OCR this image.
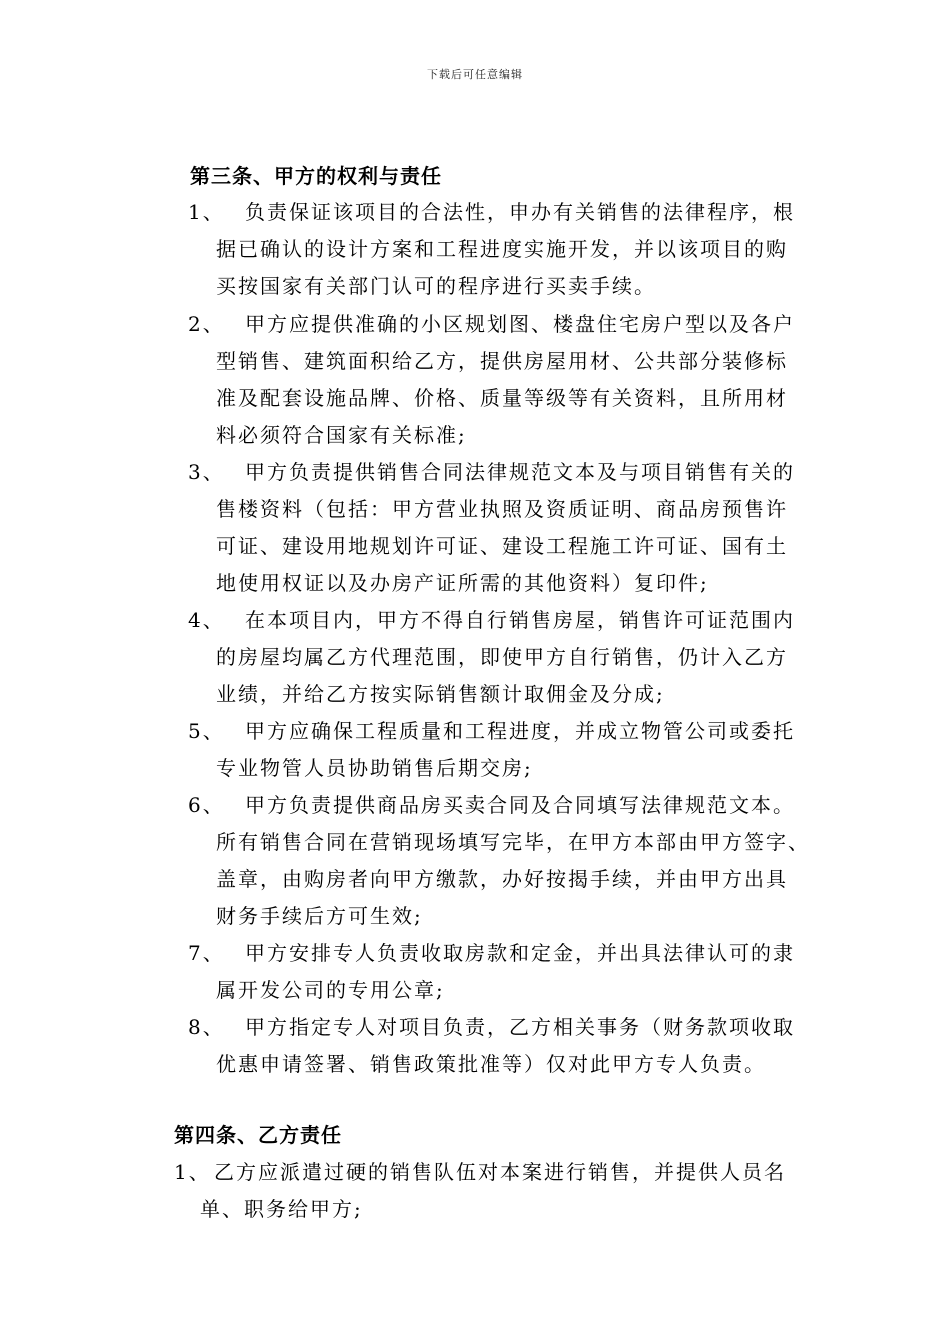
下载后可任意编辑
第三条、甲方的权利与责任
1、 负责保证该项目的合法性，申办有关销售的法律程序，根
据已确认的设计方案和工程进度实施开发，并以该项目的购
买按国家有关部门认可的程序进行买卖手续。
2、 甲方应提供准确的小区规划图、楼盘住宅房户型以及各户
型销售、建筑面积给乙方，提供房屋用材、公共部分装修标
准及配套设施品牌、价格、质量等级等有关资料，且所用材
料必须符合国家有关标准;
3、 甲方负责提供销售合同法律规范文本及与项目销售有关的
售楼资料（包括：甲方营业执照及资质证明、商品房预售许
可证、建设用地规划许可证、建设工程施工许可证、国有土
地使用权证以及办房产证所需的其他资料）复印件;
4、 在本项目内，甲方不得自行销售房屋，销售许可证范围内
的房屋均属乙方代理范围，即使甲方自行销售，仍计入乙方
业绩，并给乙方按实际销售额计取佣金及分成;
5、 甲方应确保工程质量和工程进度，并成立物管公司或委托
专业物管人员协助销售后期交房;
6、 甲方负责提供商品房买卖合同及合同填写法律规范文本。
所有销售合同在营销现场填写完毕，在甲方本部由甲方签字、
盖章，由购房者向甲方缴款，办好按揭手续，并由甲方出具
财务手续后方可生效;
7、 甲方安排专人负责收取房款和定金，并出具法律认可的隶
属开发公司的专用公章;
8、 甲方指定专人对项目负责，乙方相关事务（财务款项收取
优惠申请签署、销售政策批准等）仅对此甲方专人负责。
第四条、乙方责任
1、 乙方应派遣过硬的销售队伍对本案进行销售，并提供人员名
单、职务给甲方;
